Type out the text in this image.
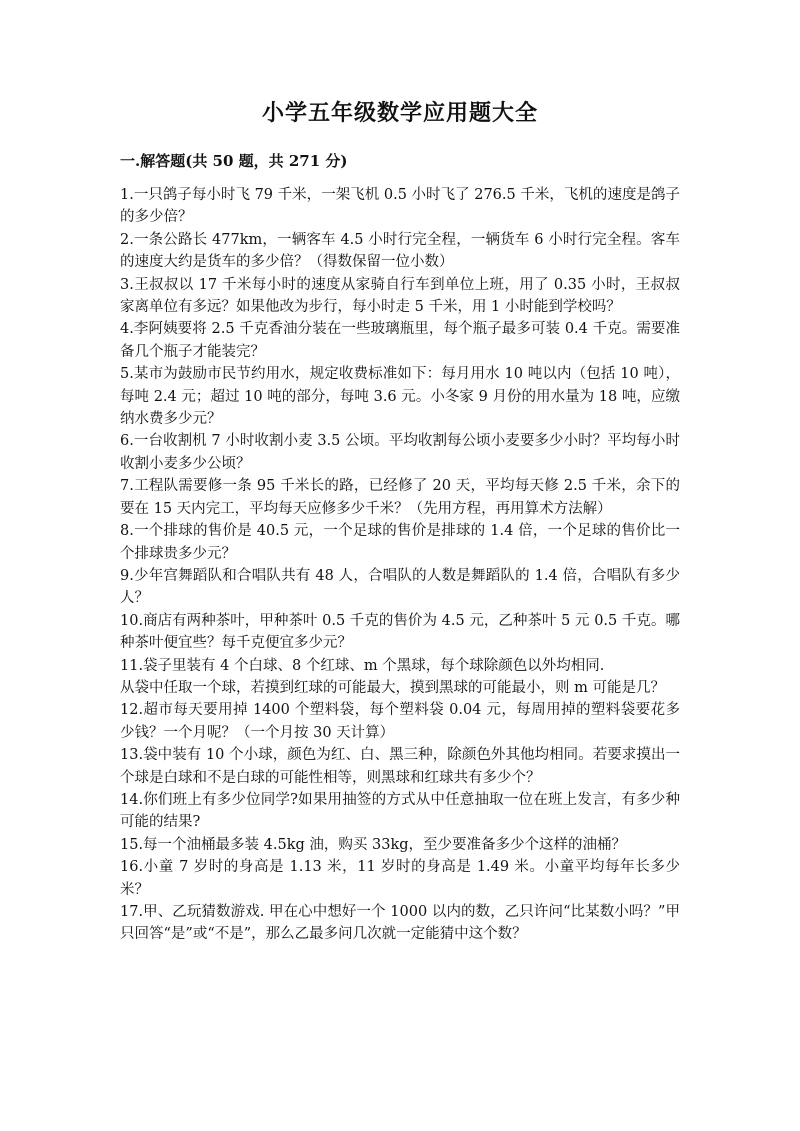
小学五年级数学应用题大全
一.解答题(共 50 题，共 271 分)
1.一只鸽子每小时飞 79 千米，一架飞机 0.5 小时飞了 276.5 千米，飞机的速度是鸽子的多少倍？
2.一条公路长 477km，一辆客车 4.5 小时行完全程，一辆货车 6 小时行完全程。客车的速度大约是货车的多少倍？（得数保留一位小数）
3.王叔叔以 17 千米每小时的速度从家骑自行车到单位上班，用了 0.35 小时，王叔叔家离单位有多远？如果他改为步行，每小时走 5 千米，用 1 小时能到学校吗？
4.李阿姨要将 2.5 千克香油分装在一些玻璃瓶里，每个瓶子最多可装 0.4 千克。需要准备几个瓶子才能装完？
5.某市为鼓励市民节约用水，规定收费标准如下：每月用水 10 吨以内（包括 10 吨），每吨 2.4 元；超过 10 吨的部分，每吨 3.6 元。小冬家 9 月份的用水量为 18 吨，应缴纳水费多少元？
6.一台收割机 7 小时收割小麦 3.5 公顷。平均收割每公顷小麦要多少小时？平均每小时收割小麦多少公顷？
7.工程队需要修一条 95 千米长的路，已经修了 20 天，平均每天修 2.5 千米，余下的要在 15 天内完工，平均每天应修多少千米？（先用方程，再用算术方法解）
8.一个排球的售价是 40.5 元，一个足球的售价是排球的 1.4 倍，一个足球的售价比一个排球贵多少元？
9.少年宫舞蹈队和合唱队共有 48 人，合唱队的人数是舞蹈队的 1.4 倍，合唱队有多少人？
10.商店有两种茶叶，甲种茶叶 0.5 千克的售价为 4.5 元，乙种茶叶 5 元 0.5 千克。哪种茶叶便宜些？每千克便宜多少元？
11.袋子里装有 4 个白球、8 个红球、m 个黑球，每个球除颜色以外均相同.
从袋中任取一个球，若摸到红球的可能最大，摸到黑球的可能最小，则 m 可能是几？
12.超市每天要用掉 1400 个塑料袋，每个塑料袋 0.04 元，每周用掉的塑料袋要花多少钱？一个月呢？（一个月按 30 天计算）
13.袋中装有 10 个小球，颜色为红、白、黑三种，除颜色外其他均相同。若要求摸出一个球是白球和不是白球的可能性相等，则黑球和红球共有多少个？
14.你们班上有多少位同学?如果用抽签的方式从中任意抽取一位在班上发言，有多少种可能的结果?
15.每一个油桶最多装 4.5kg 油，购买 33kg，至少要准备多少个这样的油桶？
16.小童 7 岁时的身高是 1.13 米，11 岁时的身高是 1.49 米。小童平均每年长多少米？
17.甲、乙玩猜数游戏. 甲在心中想好一个 1000 以内的数，乙只许问“比某数小吗？”甲只回答“是”或“不是”，那么乙最多问几次就一定能猜中这个数？
